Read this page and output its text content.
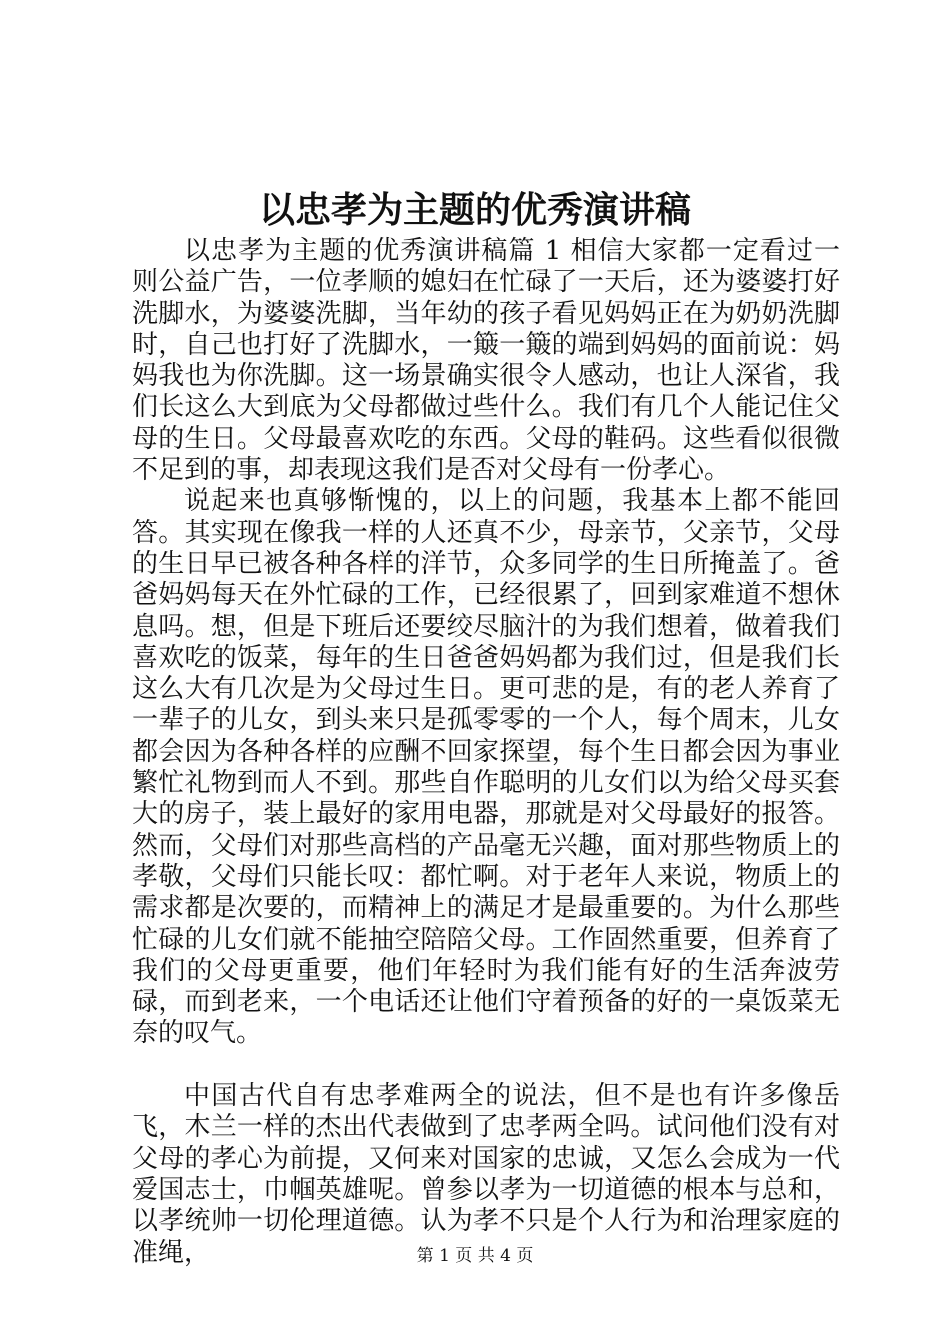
以忠孝为主题的优秀演讲稿

以忠孝为主题的优秀演讲稿篇 1 相信大家都一定看过一则公益广告，一位孝顺的媳妇在忙碌了一天后，还为婆婆打好洗脚水，为婆婆洗脚，当年幼的孩子看见妈妈正在为奶奶洗脚时，自己也打好了洗脚水，一簸一簸的端到妈妈的面前说：妈妈我也为你洗脚。这一场景确实很令人感动，也让人深省，我们长这么大到底为父母都做过些什么。我们有几个人能记住父母的生日。父母最喜欢吃的东西。父母的鞋码。这些看似很微不足到的事，却表现这我们是否对父母有一份孝心。

说起来也真够惭愧的，以上的问题，我基本上都不能回答。其实现在像我一样的人还真不少，母亲节，父亲节，父母的生日早已被各种各样的洋节，众多同学的生日所掩盖了。爸爸妈妈每天在外忙碌的工作，已经很累了，回到家难道不想休息吗。想，但是下班后还要绞尽脑汁的为我们想着，做着我们喜欢吃的饭菜，每年的生日爸爸妈妈都为我们过，但是我们长这么大有几次是为父母过生日。更可悲的是，有的老人养育了一辈子的儿女，到头来只是孤零零的一个人，每个周末，儿女都会因为各种各样的应酬不回家探望，每个生日都会因为事业繁忙礼物到而人不到。那些自作聪明的儿女们以为给父母买套大的房子，装上最好的家用电器，那就是对父母最好的报答。然而，父母们对那些高档的产品毫无兴趣，面对那些物质上的孝敬，父母们只能长叹：都忙啊。对于老年人来说，物质上的需求都是次要的，而精神上的满足才是最重要的。为什么那些忙碌的儿女们就不能抽空陪陪父母。工作固然重要，但养育了我们的父母更重要，他们年轻时为我们能有好的生活奔波劳碌，而到老来，一个电话还让他们守着预备的好的一桌饭菜无奈的叹气。

中国古代自有忠孝难两全的说法，但不是也有许多像岳飞，木兰一样的杰出代表做到了忠孝两全吗。试问他们没有对父母的孝心为前提，又何来对国家的忠诚，又怎么会成为一代爱国志士，巾帼英雄呢。曾参以孝为一切道德的根本与总和，以孝统帅一切伦理道德。认为孝不只是个人行为和治理家庭的准绳，	第 1 页 共 4 页
